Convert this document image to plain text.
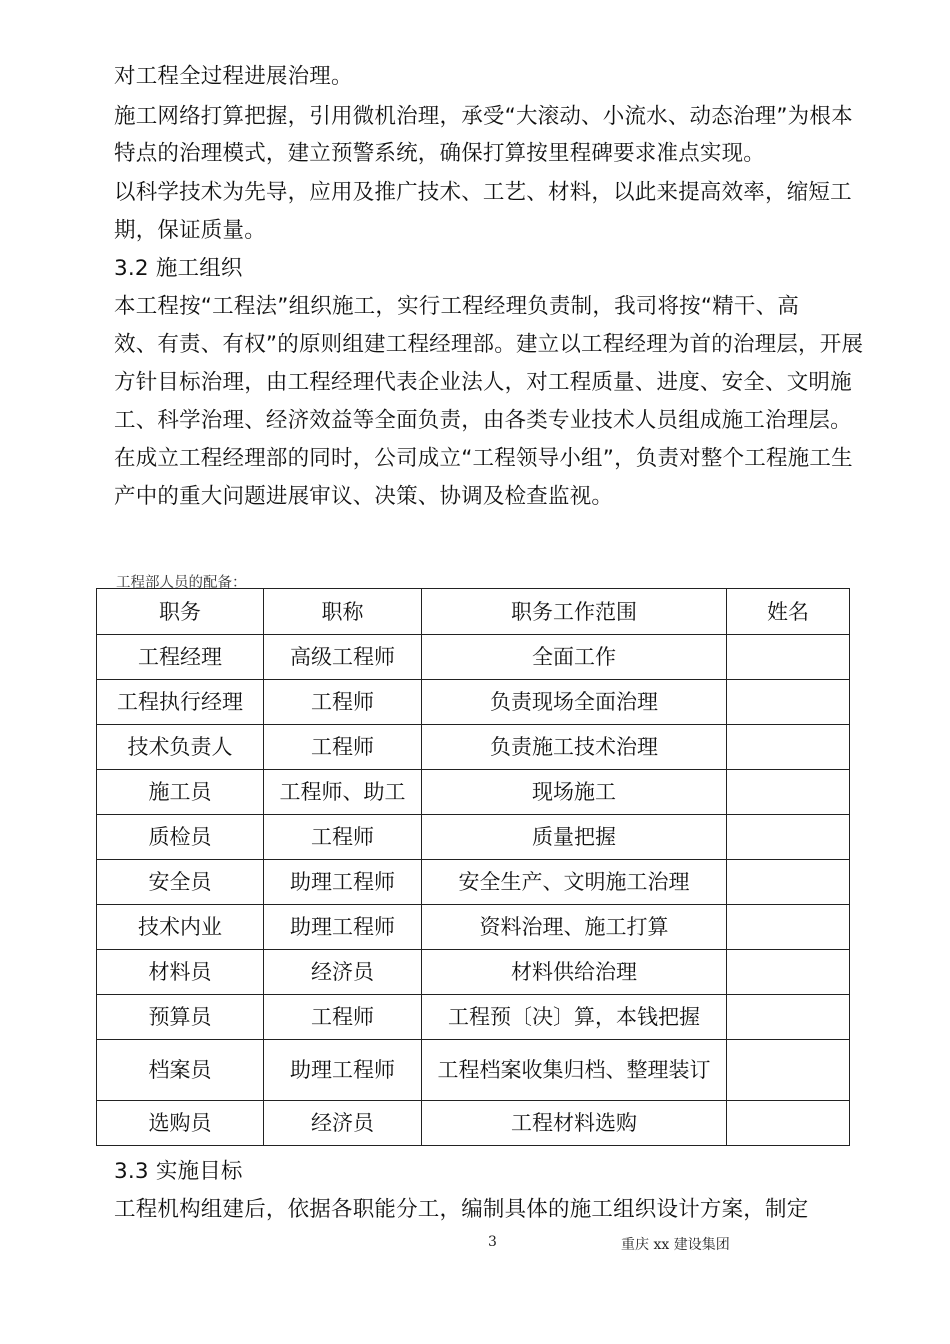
对工程全过程进展治理。
施工网络打算把握，引用微机治理，承受“大滚动、小流水、动态治理”为根本
特点的治理模式，建立预警系统，确保打算按里程碑要求准点实现。
以科学技术为先导，应用及推广技术、工艺、材料，以此来提高效率，缩短工
期，保证质量。
3.2 施工组织
本工程按“工程法”组织施工，实行工程经理负责制，我司将按“精干、高
效、有责、有权”的原则组建工程经理部。建立以工程经理为首的治理层，开展
方针目标治理，由工程经理代表企业法人，对工程质量、进度、安全、文明施
工、科学治理、经济效益等全面负责，由各类专业技术人员组成施工治理层。
在成立工程经理部的同时，公司成立“工程领导小组”，负责对整个工程施工生
产中的重大问题进展审议、决策、协调及检查监视。
工程部人员的配备：
职务	职称	职务工作范围	姓名
工程经理	高级工程师	全面工作	
工程执行经理	工程师	负责现场全面治理	
技术负责人	工程师	负责施工技术治理	
施工员	工程师、助工	现场施工	
质检员	工程师	质量把握	
安全员	助理工程师	安全生产、文明施工治理	
技术内业	助理工程师	资料治理、施工打算	
材料员	经济员	材料供给治理	
预算员	工程师	工程预〔决〕算，本钱把握	
档案员	助理工程师	工程档案收集归档、整理装订	
选购员	经济员	工程材料选购	
3.3 实施目标
工程机构组建后，依据各职能分工，编制具体的施工组织设计方案，制定
3	重庆 xx 建设集团
